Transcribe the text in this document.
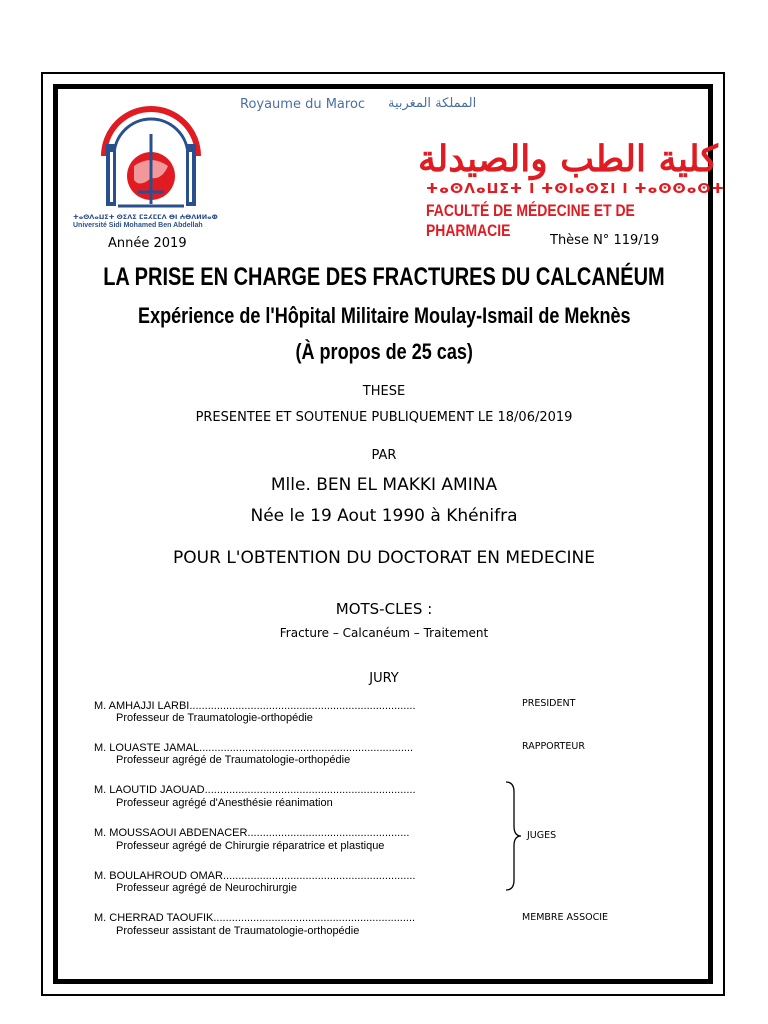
Royaume du Maroc المملكة المغربية
كلية الطب والصيدلة
ⵜⴰⵙⴷⴰⵡⵉⵜ ⵏ ⵜⵙⵏⴰⵙⵉⵏ ⵏ ⵜⴰⵙⵙⴰⵙⵜ
FACULTÉ DE MÉDECINE ET DE PHARMACIE
ⵜⴰⵙⴷⴰⵡⵉⵜ ⵙⵉⴷⵉ ⵎⵓⵃⵎⵎⴷ ⴱⵏ ⵄⴱⴷⵍⵍⴰⵀ
Université Sidi Mohamed Ben Abdellah
Année 2019	Thèse N° 119/19
LA PRISE EN CHARGE DES FRACTURES DU CALCANÉUM
Expérience de l'Hôpital Militaire Moulay-Ismail de Meknès
(À propos de 25 cas)
THESE
PRESENTEE ET SOUTENUE PUBLIQUEMENT LE 18/06/2019
PAR
Mlle. BEN EL MAKKI AMINA
Née le 19 Aout 1990 à Khénifra
POUR L'OBTENTION DU DOCTORAT EN MEDECINE
MOTS-CLES :
Fracture – Calcanéum – Traitement
JURY
M. AMHAJJI LARBI..........................................................................
Professeur de Traumatologie-orthopédie
PRESIDENT
M. LOUASTE JAMAL......................................................................
Professeur agrégé de Traumatologie-orthopédie
RAPPORTEUR
M. LAOUTID JAOUAD.....................................................................
Professeur agrégé d'Anesthésie réanimation
M. MOUSSAOUI ABDENACER.....................................................
Professeur agrégé de Chirurgie réparatrice et plastique
JUGES
M. BOULAHROUD OMAR...............................................................
Professeur agrégé de Neurochirurgie
M. CHERRAD TAOUFIK..................................................................
Professeur assistant de Traumatologie-orthopédie
MEMBRE ASSOCIE
